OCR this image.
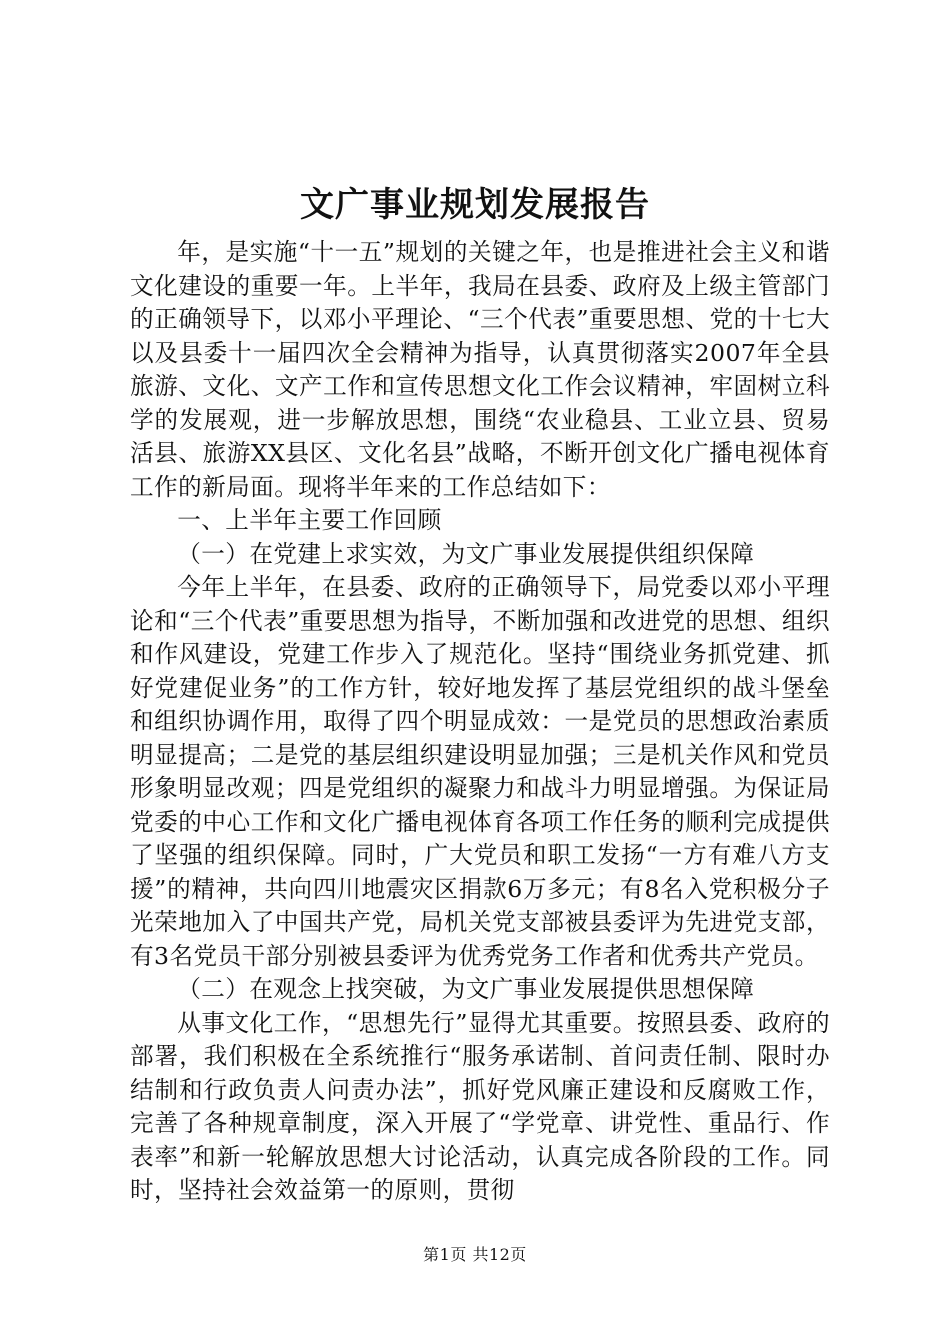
文广事业规划发展报告

年，是实施“十一五”规划的关键之年，也是推进社会主义和谐文化建设的重要一年。上半年，我局在县委、政府及上级主管部门的正确领导下，以邓小平理论、“三个代表”重要思想、党的十七大以及县委十一届四次全会精神为指导，认真贯彻落实2007年全县旅游、文化、文产工作和宣传思想文化工作会议精神，牢固树立科学的发展观，进一步解放思想，围绕“农业稳县、工业立县、贸易活县、旅游XX县区、文化名县”战略，不断开创文化广播电视体育工作的新局面。现将半年来的工作总结如下：

一、上半年主要工作回顾

（一）在党建上求实效，为文广事业发展提供组织保障

今年上半年，在县委、政府的正确领导下，局党委以邓小平理论和“三个代表”重要思想为指导，不断加强和改进党的思想、组织和作风建设，党建工作步入了规范化。坚持“围绕业务抓党建、抓好党建促业务”的工作方针，较好地发挥了基层党组织的战斗堡垒和组织协调作用，取得了四个明显成效：一是党员的思想政治素质明显提高；二是党的基层组织建设明显加强；三是机关作风和党员形象明显改观；四是党组织的凝聚力和战斗力明显增强。为保证局党委的中心工作和文化广播电视体育各项工作任务的顺利完成提供了坚强的组织保障。同时，广大党员和职工发扬“一方有难八方支援”的精神，共向四川地震灾区捐款6万多元；有8名入党积极分子光荣地加入了中国共产党，局机关党支部被县委评为先进党支部，有3名党员干部分别被县委评为优秀党务工作者和优秀共产党员。

（二）在观念上找突破，为文广事业发展提供思想保障

从事文化工作，“思想先行”显得尤其重要。按照县委、政府的部署，我们积极在全系统推行“服务承诺制、首问责任制、限时办结制和行政负责人问责办法”，抓好党风廉正建设和反腐败工作，完善了各种规章制度，深入开展了“学党章、讲党性、重品行、作表率”和新一轮解放思想大讨论活动，认真完成各阶段的工作。同时，坚持社会效益第一的原则，贯彻

第1页 共12页
